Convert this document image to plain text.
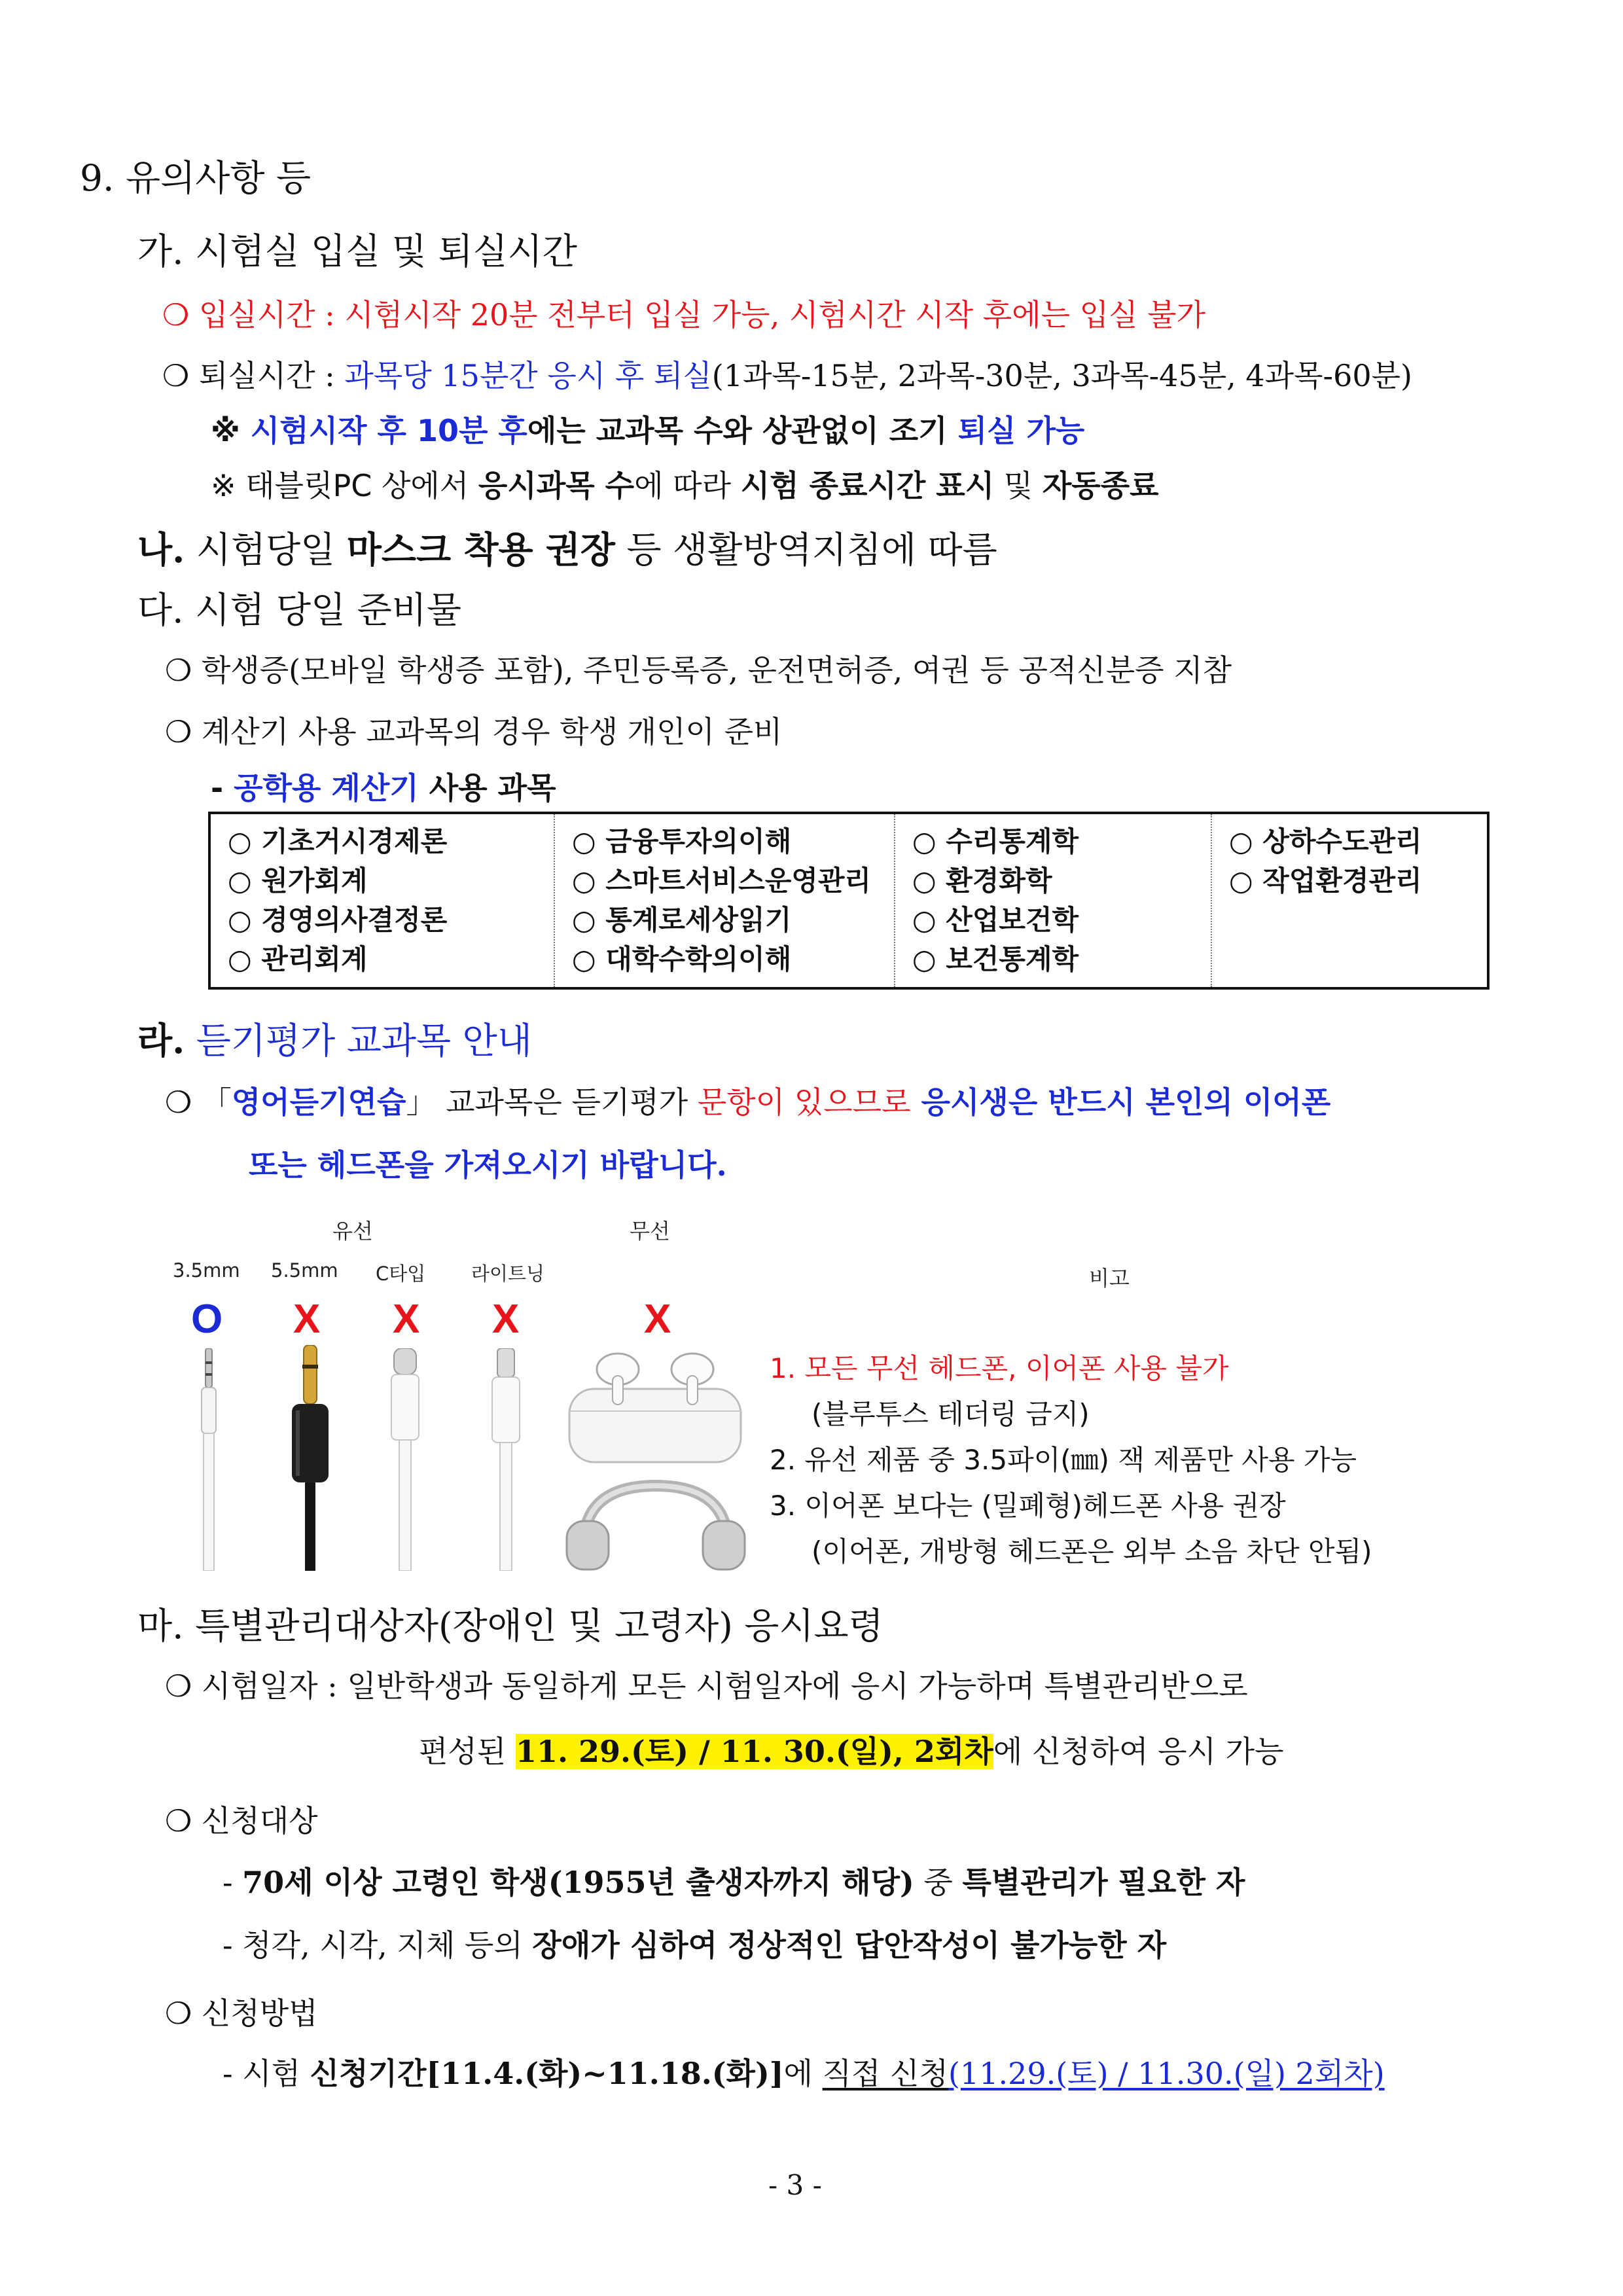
9. 유의사항 등
가. 시험실 입실 및 퇴실시간
❍ 입실시간 : 시험시작 20분 전부터 입실 가능, 시험시간 시작 후에는 입실 불가
❍ 퇴실시간 : 과목당 15분간 응시 후 퇴실(1과목-15분, 2과목-30분, 3과목-45분, 4과목-60분)
※ 시험시작 후 10분 후에는 교과목 수와 상관없이 조기 퇴실 가능
※ 태블릿PC 상에서 응시과목 수에 따라 시험 종료시간 표시 및 자동종료
나. 시험당일 마스크 착용 권장 등 생활방역지침에 따름
다. 시험 당일 준비물
❍ 학생증(모바일 학생증 포함), 주민등록증, 운전면허증, 여권 등 공적신분증 지참
❍ 계산기 사용 교과목의 경우 학생 개인이 준비
- 공학용 계산기 사용 과목
○ 기초거시경제론
○ 원가회계
○ 경영의사결정론
○ 관리회계
○ 금융투자의이해
○ 스마트서비스운영관리
○ 통계로세상읽기
○ 대학수학의이해
○ 수리통계학
○ 환경화학
○ 산업보건학
○ 보건통계학
○ 상하수도관리
○ 작업환경관리
라. 듣기평가 교과목 안내
❍ 「영어듣기연습」 교과목은 듣기평가 문항이 있으므로 응시생은 반드시 본인의 이어폰
또는 헤드폰을 가져오시기 바랍니다.
유선	무선
비고
3.5mm 5.5mm C타입 라이트닝
O X X X	X
1. 모든 무선 헤드폰, 이어폰 사용 불가
(블루투스 테더링 금지)
2. 유선 제품 중 3.5파이(㎜) 잭 제품만 사용 가능
3. 이어폰 보다는 (밀폐형)헤드폰 사용 권장
(이어폰, 개방형 헤드폰은 외부 소음 차단 안됨)
마. 특별관리대상자(장애인 및 고령자) 응시요령
❍ 시험일자 : 일반학생과 동일하게 모든 시험일자에 응시 가능하며 특별관리반으로
편성된 11. 29.(토) / 11. 30.(일), 2회차에 신청하여 응시 가능
❍ 신청대상
- 70세 이상 고령인 학생(1955년 출생자까지 해당) 중 특별관리가 필요한 자
- 청각, 시각, 지체 등의 장애가 심하여 정상적인 답안작성이 불가능한 자
❍ 신청방법
- 시험 신청기간[11.4.(화)~11.18.(화)]에 직접 신청(11.29.(토) / 11.30.(일) 2회차)
- 3 -
